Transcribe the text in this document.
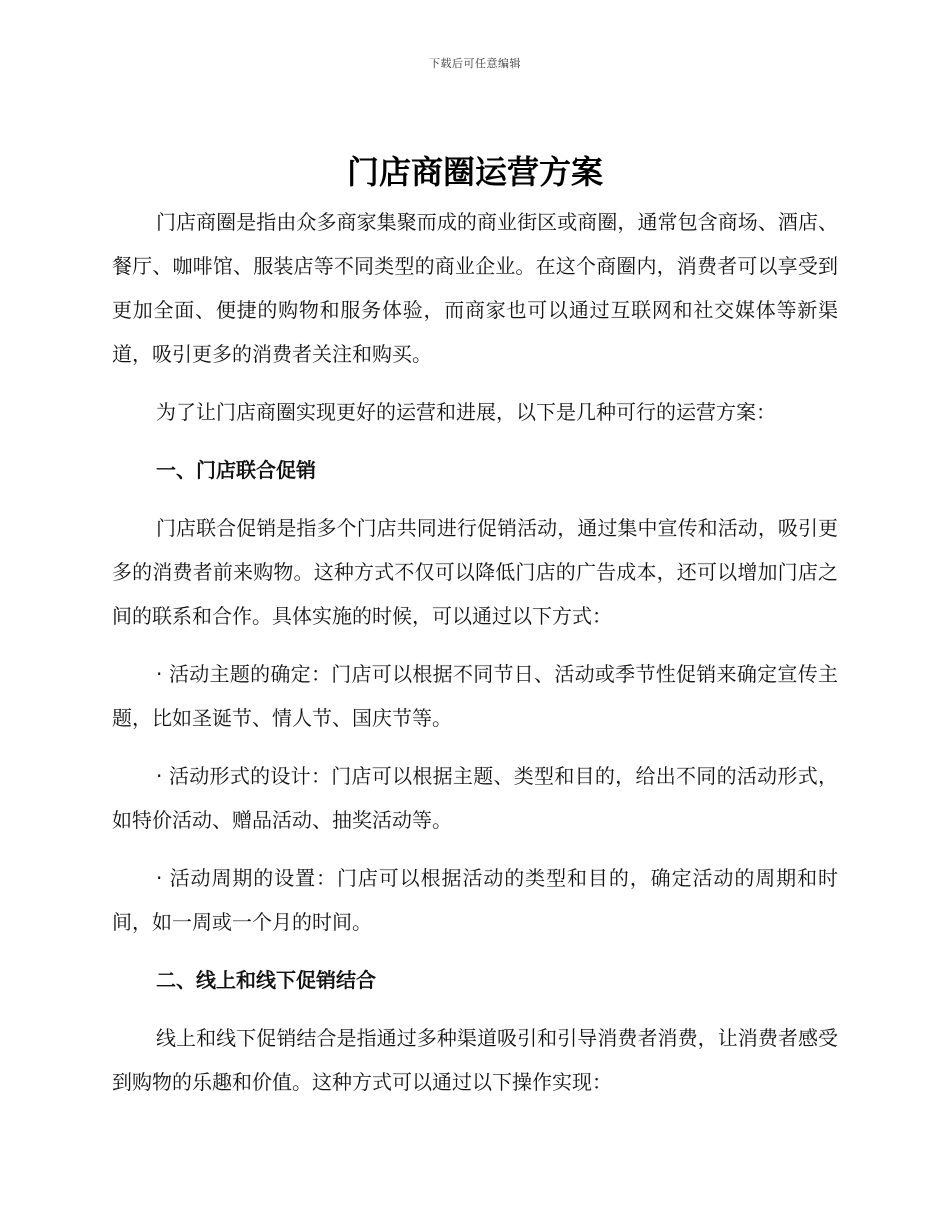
下载后可任意编辑
门店商圈运营方案

门店商圈是指由众多商家集聚而成的商业街区或商圈，通常包含商场、酒店、餐厅、咖啡馆、服装店等不同类型的商业企业。在这个商圈内，消费者可以享受到更加全面、便捷的购物和服务体验，而商家也可以通过互联网和社交媒体等新渠道，吸引更多的消费者关注和购买。

为了让门店商圈实现更好的运营和进展，以下是几种可行的运营方案：

一、门店联合促销

门店联合促销是指多个门店共同进行促销活动，通过集中宣传和活动，吸引更多的消费者前来购物。这种方式不仅可以降低门店的广告成本，还可以增加门店之间的联系和合作。具体实施的时候，可以通过以下方式：

· 活动主题的确定：门店可以根据不同节日、活动或季节性促销来确定宣传主题，比如圣诞节、情人节、国庆节等。

· 活动形式的设计：门店可以根据主题、类型和目的，给出不同的活动形式，如特价活动、赠品活动、抽奖活动等。

· 活动周期的设置：门店可以根据活动的类型和目的，确定活动的周期和时间，如一周或一个月的时间。

二、线上和线下促销结合

线上和线下促销结合是指通过多种渠道吸引和引导消费者消费，让消费者感受到购物的乐趣和价值。这种方式可以通过以下操作实现：
